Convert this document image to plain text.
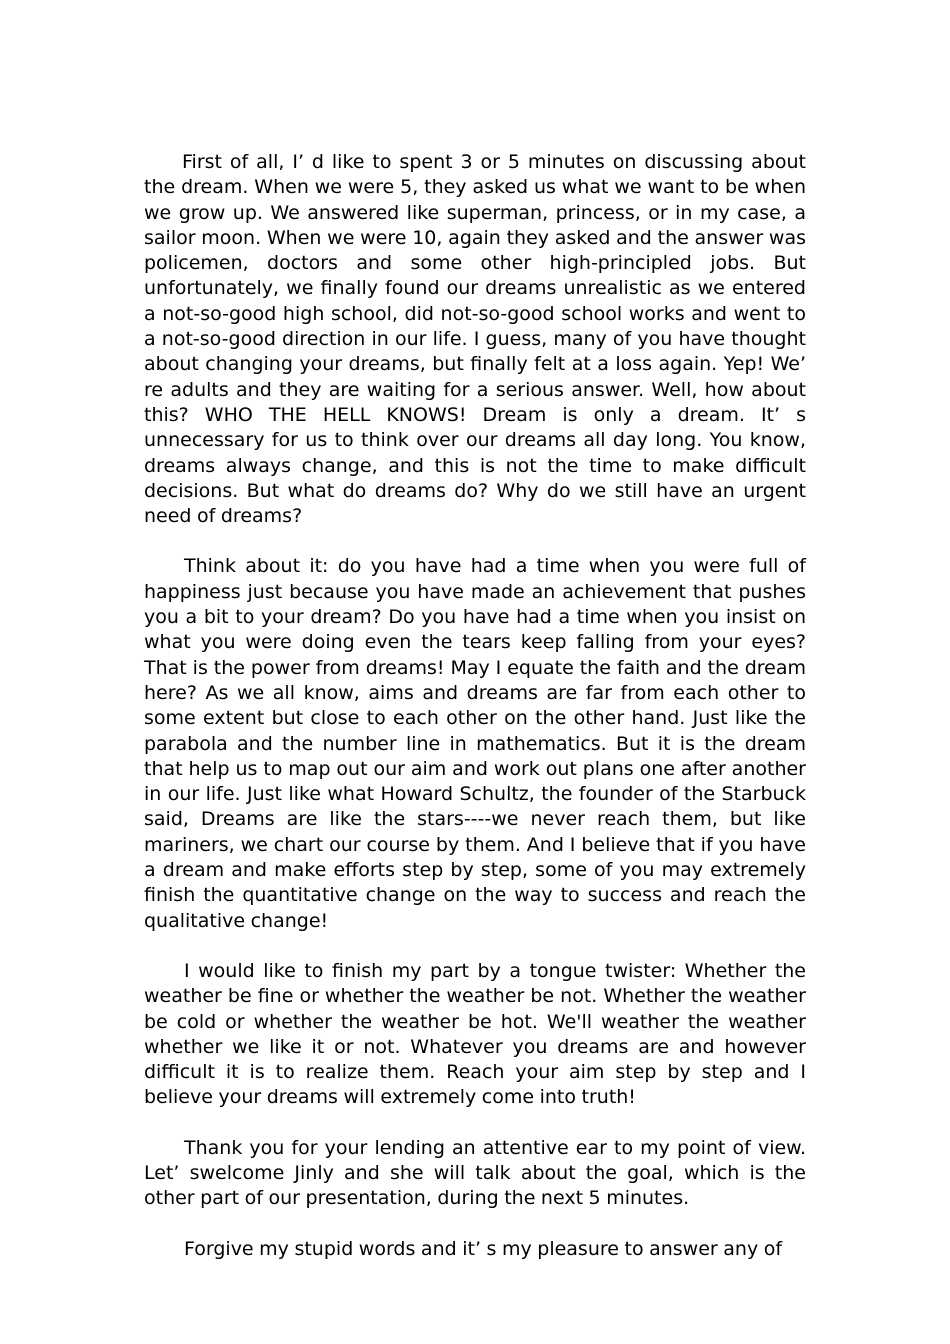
First of all, I’ d like to spent 3 or 5 minutes on discussing about the dream. When we were 5, they asked us what we want to be when we grow up. We answered like superman, princess, or in my case, a sailor moon. When we were 10, again they asked and the answer was policemen, doctors and some other high-principled jobs. But unfortunately, we finally found our dreams unrealistic as we entered a not-so-good high school, did not-so-good school works and went to a not-so-good direction in our life. I guess, many of you have thought about changing your dreams, but finally felt at a loss again. Yep! We’ re adults and they are waiting for a serious answer. Well, how about this? WHO THE HELL KNOWS! Dream is only a dream. It’ s unnecessary for us to think over our dreams all day long. You know, dreams always change, and this is not the time to make difficult decisions. But what do dreams do? Why do we still have an urgent need of dreams?

Think about it: do you have had a time when you were full of happiness just because you have made an achievement that pushes you a bit to your dream? Do you have had a time when you insist on what you were doing even the tears keep falling from your eyes? That is the power from dreams! May I equate the faith and the dream here? As we all know, aims and dreams are far from each other to some extent but close to each other on the other hand. Just like the parabola and the number line in mathematics. But it is the dream that help us to map out our aim and work out plans one after another in our life. Just like what Howard Schultz, the founder of the Starbuck said, Dreams are like the stars----we never reach them, but like mariners, we chart our course by them. And I believe that if you have a dream and make efforts step by step, some of you may extremely finish the quantitative change on the way to success and reach the qualitative change!

I would like to finish my part by a tongue twister: Whether the weather be fine or whether the weather be not. Whether the weather be cold or whether the weather be hot. We'll weather the weather whether we like it or not. Whatever you dreams are and however difficult it is to realize them. Reach your aim step by step and I believe your dreams will extremely come into truth!

Thank you for your lending an attentive ear to my point of view. Let’ swelcome Jinly and she will talk about the goal, which is the other part of our presentation, during the next 5 minutes.

Forgive my stupid words and it’ s my pleasure to answer any of
